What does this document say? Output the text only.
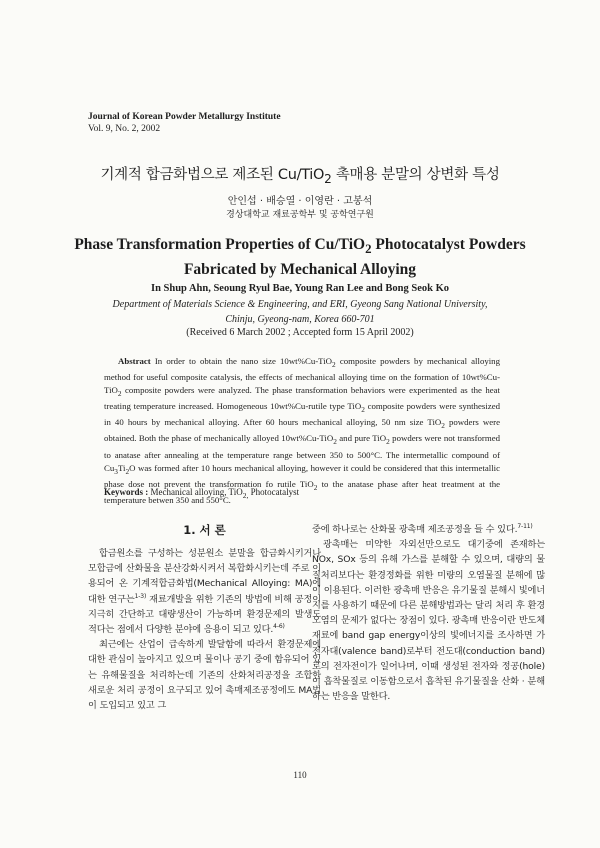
Journal of Korean Powder Metallurgy Institute
Vol. 9, No. 2, 2002
기계적 합금화법으로 제조된 Cu/TiO$_2$ 촉매용 분말의 상변화 특성
안인섭 · 배승열 · 이영란 · 고봉석
경상대학교 재료공학부 및 공학연구원
Phase Transformation Properties of Cu/TiO$_2$ Photocatalyst Powders
Fabricated by Mechanical Alloying
In Shup Ahn, Seoung Ryul Bae, Young Ran Lee and Bong Seok Ko
Department of Materials Science & Engineering, and ERI, Gyeong Sang National University,
Chinju, Gyeong-nam, Korea 660-701
(Received 6 March 2002 ; Accepted form 15 April 2002)
Abstract In order to obtain the nano size 10wt%Cu-TiO$_2$ composite powders by mechanical alloying method for useful composite catalysis, the effects of mechanical alloying time on the formation of 10wt%Cu-TiO$_2$ composite powders were analyzed. The phase transformation behaviors were experimented as the heat treating temperature increased. Homogeneous 10wt%Cu-rutile type TiO$_2$ composite powders were synthesized in 40 hours by mechanical alloying. After 60 hours mechanical alloying, 50 nm size TiO$_2$ powders were obtained. Both the phase of mechanically alloyed 10wt%Cu-TiO$_2$ and pure TiO$_2$ powders were not transformed to anatase after annealing at the temperature range between 350 to 500°C. The intermetallic compound of $Cu_3Ti_2O$ was formed after 10 hours mechanical alloying, however it could be considered that this intermetallic phase dose not prevent the transformation fo rutile TiO$_2$ to the anatase phase after heat treatment at the temperature betwen 350 and 550°C.
Keywords : Mechanical alloying, TiO$_{2,}$ Photocatalyst
1. 서 론

합금원소를 구성하는 성분원소 분말을 합금화시키거나 모합금에 산화물을 분산강화시켜서 복합화시키는데 주로 이용되어 온 기계적합금화법(Mechanical Alloying: MA)에 대한 연구는$^{1-3)}$ 재료개발을 위한 기존의 방법에 비해 공정이 지극히 간단하고 대량생산이 가능하며 환경문제의 발생도 적다는 점에서 다양한 분야에 응용이 되고 있다.$^{4-6)}$

최근에는 산업이 급속하게 발달함에 따라서 환경문제에 대한 관심이 높아지고 있으며 물이나 공기 중에 함유되어 있는 유해물질을 처리하는데 기존의 산화처리공정을 조합한 새로운 처리 공정이 요구되고 있어 촉매제조공정에도 MA법이 도입되고 있고 그

중에 하나로는 산화물 광촉매 제조공정을 들 수 있다.$^{7-11)}$

광촉매는 미약한 자외선만으로도 대기중에 존재하는 NOx, SOx 등의 유해 가스를 분해할 수 있으며, 대량의 물질처리보다는 환경정화를 위한 미량의 오염물질 분해에 많이 이용된다. 이러한 광촉매 반응은 유기물질 분해시 빛에너지를 사용하기 때문에 다른 분해방법과는 달리 처리 후 환경오염의 문제가 없다는 장점이 있다. 광촉매 반응이란 반도체 재료에 band gap energy이상의 빛에너지를 조사하면 가전자대(valence band)로부터 전도대(conduction band)로의 전자전이가 일어나며, 이때 생성된 전자와 정공(hole)이 흡착물질로 이동함으로서 흡착된 유기물질을 산화 · 분해하는 반응을 말한다.

110
